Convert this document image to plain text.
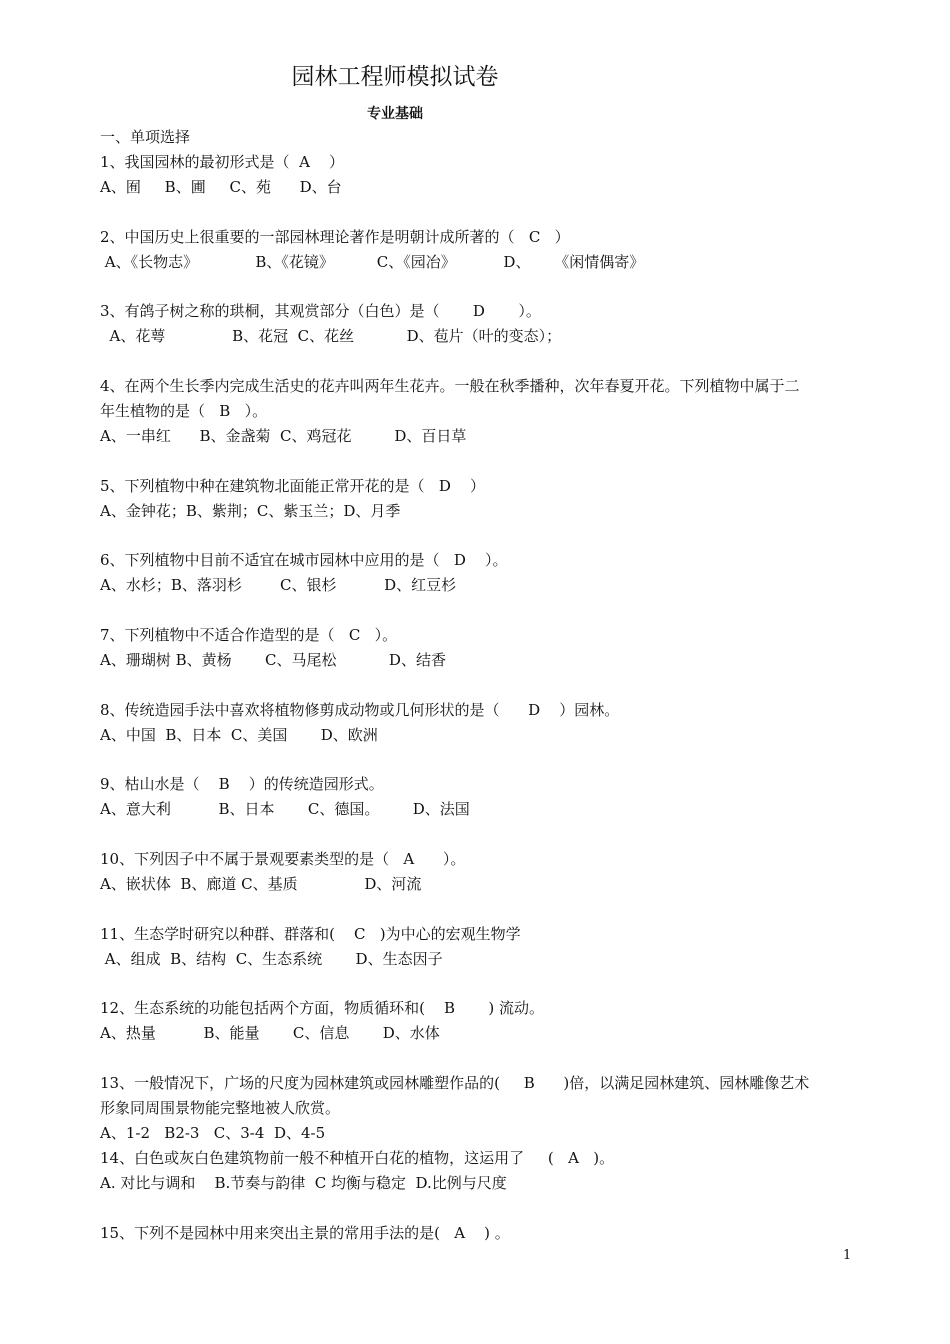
园林工程师模拟试卷
专业基础
一、单项选择
1、我国园林的最初形式是（  A    ）
A、囿     B、圃     C、苑      D、台
2、中国历史上很重要的一部园林理论著作是明朝计成所著的（   C   ）
A、《长物志》            B、《花镜》         C、《园冶》          D、     《闲情偶寄》
3、有鸽子树之称的珙桐，其观赏部分（白色）是（       D       ）。
A、花萼              B、花冠  C、花丝           D、苞片（叶的变态）；
4、在两个生长季内完成生活史的花卉叫两年生花卉。一般在秋季播种，次年春夏开花。下列植物中属于二
年生植物的是（   B   ）。
A、一串红      B、金盏菊  C、鸡冠花         D、百日草
5、下列植物中种在建筑物北面能正常开花的是（   D    ）
A、金钟花；B、紫荆；C、紫玉兰；D、月季
6、下列植物中目前不适宜在城市园林中应用的是（   D    ）。
A、水杉；B、落羽杉        C、银杉          D、红豆杉
7、下列植物中不适合作造型的是（   C   ）。
A、珊瑚树 B、黄杨       C、马尾松           D、结香
8、传统造园手法中喜欢将植物修剪成动物或几何形状的是（      D    ）园林。
A、中国  B、日本  C、美国       D、欧洲
9、枯山水是（    B    ）的传统造园形式。
A、意大利          B、日本       C、德国。       D、法国
10、下列因子中不属于景观要素类型的是（   A      ）。
A、嵌状体  B、廊道 C、基质              D、河流
11、生态学时研究以种群、群落和(    C   )为中心的宏观生物学
A、组成  B、结构  C、生态系统       D、生态因子
12、生态系统的功能包括两个方面，物质循环和(    B       ) 流动。
A、热量          B、能量       C、信息       D、水体
13、一般情况下，广场的尺度为园林建筑或园林雕塑作品的(     B      )倍，以满足园林建筑、园林雕像艺术
形象同周围景物能完整地被人欣赏。
A、1-2   B2-3   C、3-4  D、4-5
14、白色或灰白色建筑物前一般不种植开白花的植物，这运用了     (   A   )。
A. 对比与调和    B.节奏与韵律  C 均衡与稳定  D.比例与尺度
15、下列不是园林中用来突出主景的常用手法的是(   A    ) 。
1
